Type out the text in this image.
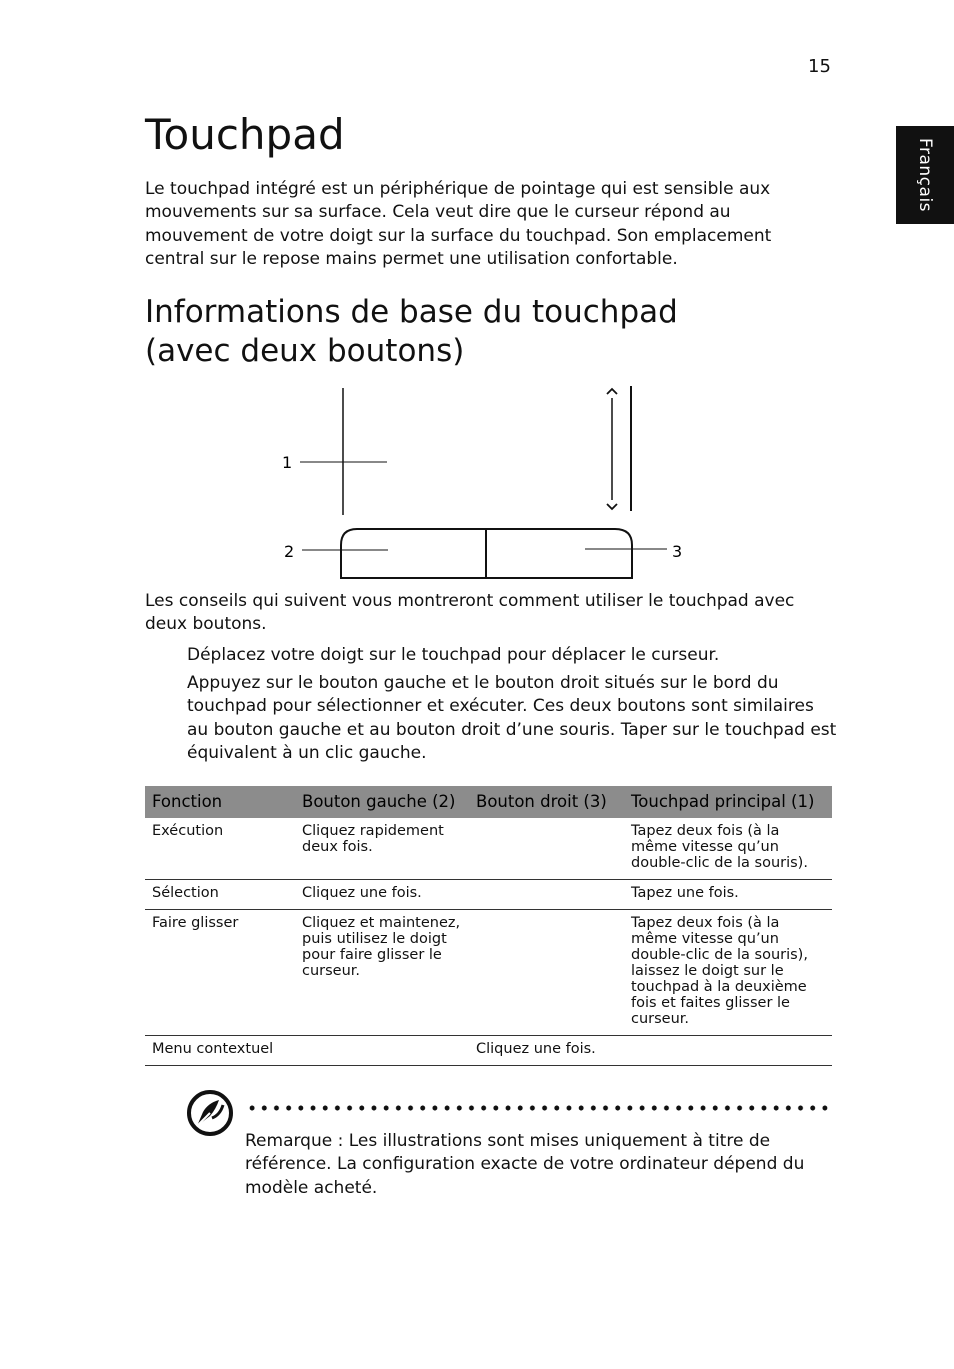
15
Français
Touchpad

Le touchpad intégré est un périphérique de pointage qui est sensible aux mouvements sur sa surface. Cela veut dire que le curseur répond au mouvement de votre doigt sur la surface du touchpad. Son emplacement central sur le repose mains permet une utilisation confortable.

Informations de base du touchpad
(avec deux boutons)
1
2	3

Les conseils qui suivent vous montreront comment utiliser le touchpad avec deux boutons.

Déplacez votre doigt sur le touchpad pour déplacer le curseur.

Appuyez sur le bouton gauche et le bouton droit situés sur le bord du touchpad pour sélectionner et exécuter. Ces deux boutons sont similaires au bouton gauche et au bouton droit d’une souris. Taper sur le touchpad est équivalent à un clic gauche.

Fonction	Bouton gauche (2)	Bouton droit (3)	Touchpad principal (1)
Exécution	Cliquez rapidement deux fois.		Tapez deux fois (à la même vitesse qu’un double-clic de la souris).
Sélection	Cliquez une fois.		Tapez une fois.
Faire glisser	Cliquez et maintenez, puis utilisez le doigt pour faire glisser le curseur.		Tapez deux fois (à la même vitesse qu’un double-clic de la souris), laissez le doigt sur le touchpad à la deuxième fois et faites glisser le curseur.
Menu contextuel		Cliquez une fois.	

Remarque : Les illustrations sont mises uniquement à titre de référence. La configuration exacte de votre ordinateur dépend du modèle acheté.
